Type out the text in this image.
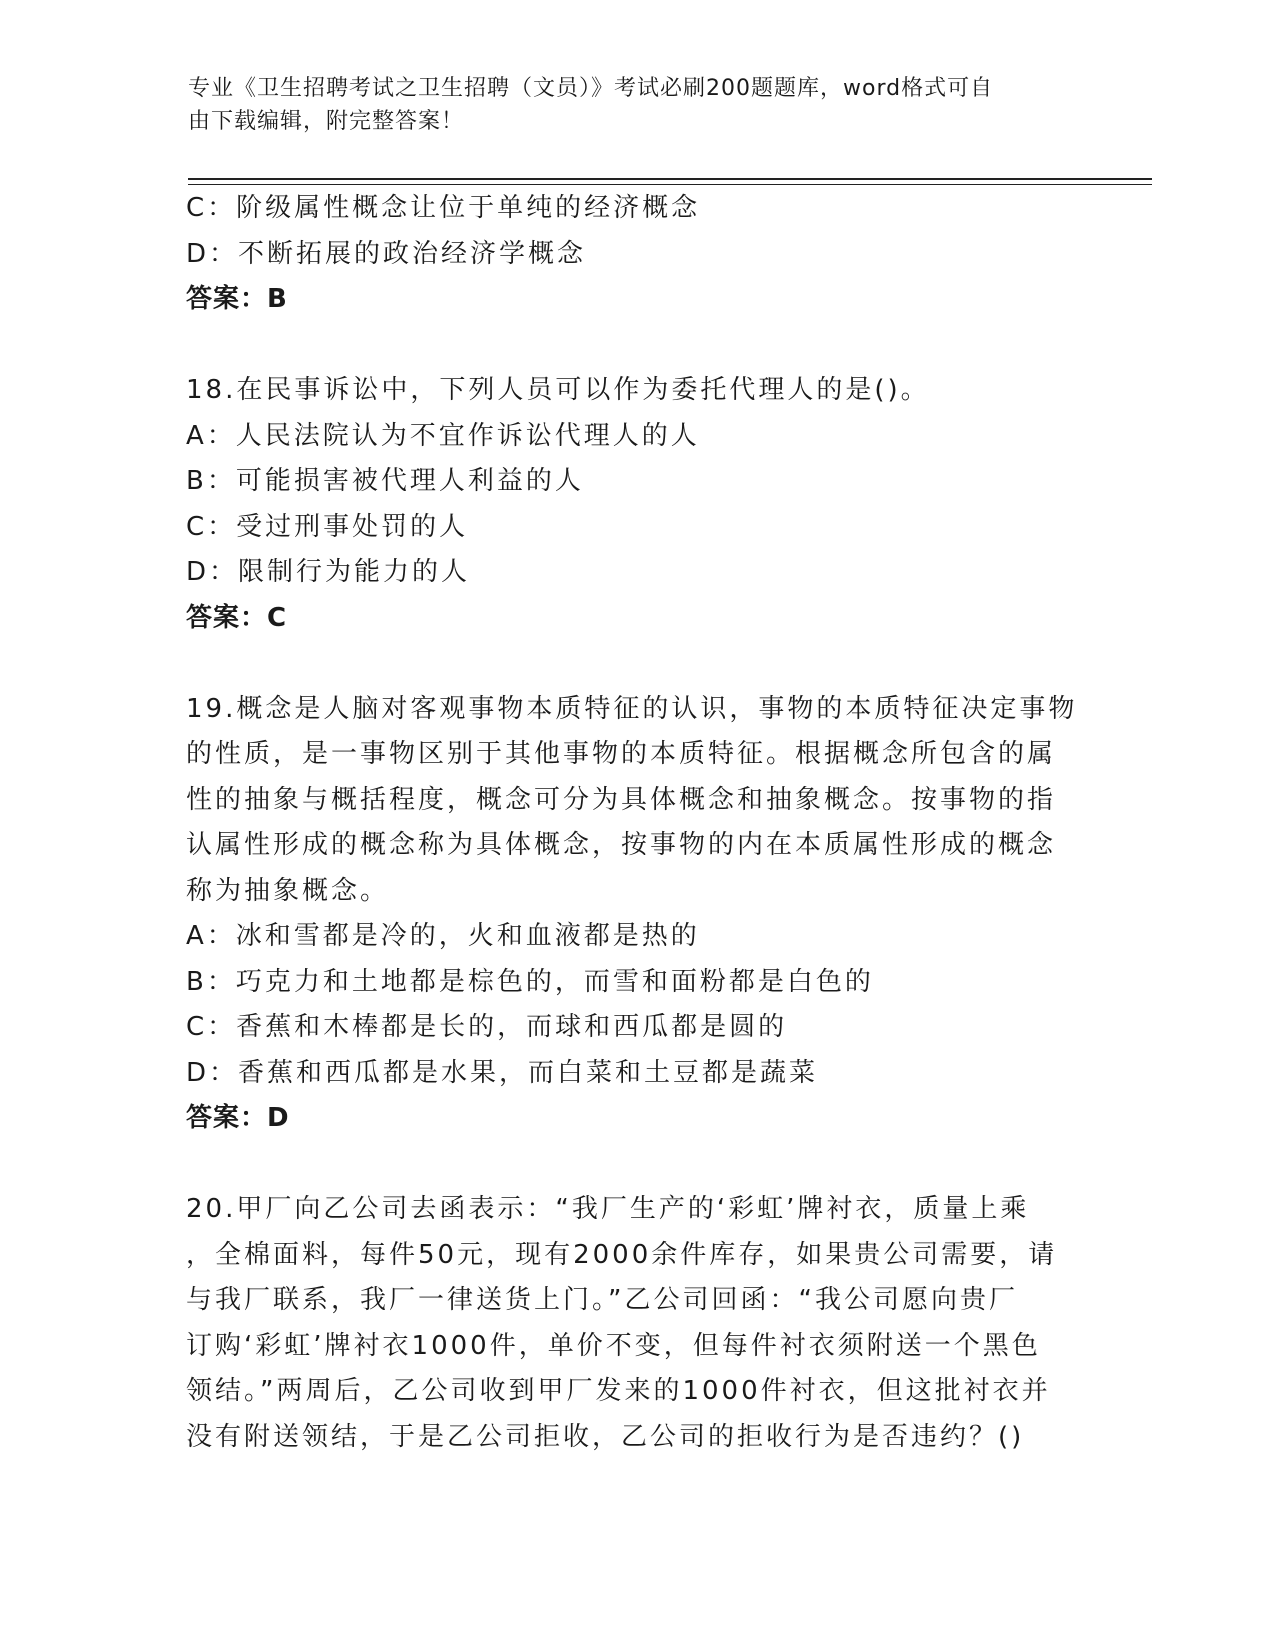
专业《卫生招聘考试之卫生招聘（文员）》考试必刷200题题库，word格式可自
由下载编辑，附完整答案！
C：阶级属性概念让位于单纯的经济概念
D：不断拓展的政治经济学概念
答案：B
18.在民事诉讼中，下列人员可以作为委托代理人的是()。
A：人民法院认为不宜作诉讼代理人的人
B：可能损害被代理人利益的人
C：受过刑事处罚的人
D：限制行为能力的人
答案：C
19.概念是人脑对客观事物本质特征的认识，事物的本质特征决定事物
的性质，是一事物区别于其他事物的本质特征。根据概念所包含的属
性的抽象与概括程度，概念可分为具体概念和抽象概念。按事物的指
认属性形成的概念称为具体概念，按事物的内在本质属性形成的概念
称为抽象概念。
A：冰和雪都是冷的，火和血液都是热的
B：巧克力和土地都是棕色的，而雪和面粉都是白色的
C：香蕉和木棒都是长的，而球和西瓜都是圆的
D：香蕉和西瓜都是水果，而白菜和土豆都是蔬菜
答案：D
20.甲厂向乙公司去函表示：“我厂生产的‘彩虹’牌衬衣，质量上乘
，全棉面料，每件50元，现有2000余件库存，如果贵公司需要，请
与我厂联系，我厂一律送货上门。”乙公司回函：“我公司愿向贵厂
订购‘彩虹’牌衬衣1000件，单价不变，但每件衬衣须附送一个黑色
领结。”两周后，乙公司收到甲厂发来的1000件衬衣，但这批衬衣并
没有附送领结，于是乙公司拒收，乙公司的拒收行为是否违约？()
